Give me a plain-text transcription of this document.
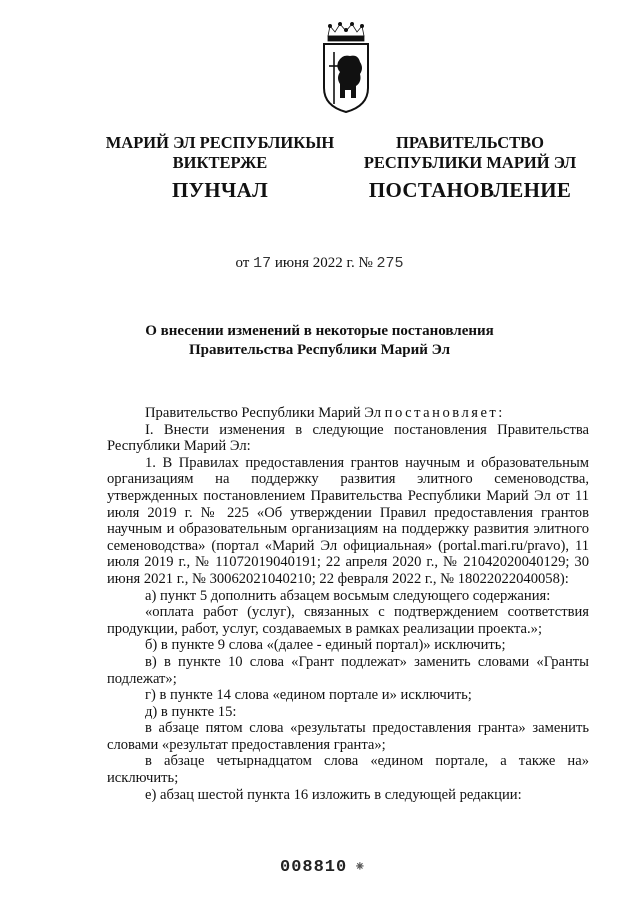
МАРИЙ ЭЛ РЕСПУБЛИКЫН
ВИКТЕРЖЕ
ПУНЧАЛ
ПРАВИТЕЛЬСТВО
РЕСПУБЛИКИ МАРИЙ ЭЛ
ПОСТАНОВЛЕНИЕ
от 17 июня 2022 г. № 275
О внесении изменений в некоторые постановления
Правительства Республики Марий Эл

Правительство Республики Марий Эл постановляет:

I. Внести изменения в следующие постановления Правительства Республики Марий Эл:

1. В Правилах предоставления грантов научным и образовательным организациям на поддержку развития элитного семеноводства, утвержденных постановлением Правительства Республики Марий Эл от 11 июля 2019 г. № 225 «Об утверждении Правил предоставления грантов научным и образовательным организациям на поддержку развития элитного семеноводства» (портал «Марий Эл официальная» (portal.mari.ru/pravo), 11 июля 2019 г., № 11072019040191; 22 апреля 2020 г., № 21042020040129; 30 июня 2021 г., № 30062021040210; 22 февраля 2022 г., № 18022022040058):

а) пункт 5 дополнить абзацем восьмым следующего содержания:

«оплата работ (услуг), связанных с подтверждением соответствия продукции, работ, услуг, создаваемых в рамках реализации проекта.»;

б) в пункте 9 слова «(далее - единый портал)» исключить;

в) в пункте 10 слова «Грант подлежат» заменить словами «Гранты подлежат»;

г) в пункте 14 слова «едином портале и» исключить;

д) в пункте 15:

в абзаце пятом слова «результаты предоставления гранта» заменить словами «результат предоставления гранта»;

в абзаце четырнадцатом слова «едином портале, а также на» исключить;

е) абзац шестой пункта 16 изложить в следующей редакции:

008810 ⁕
